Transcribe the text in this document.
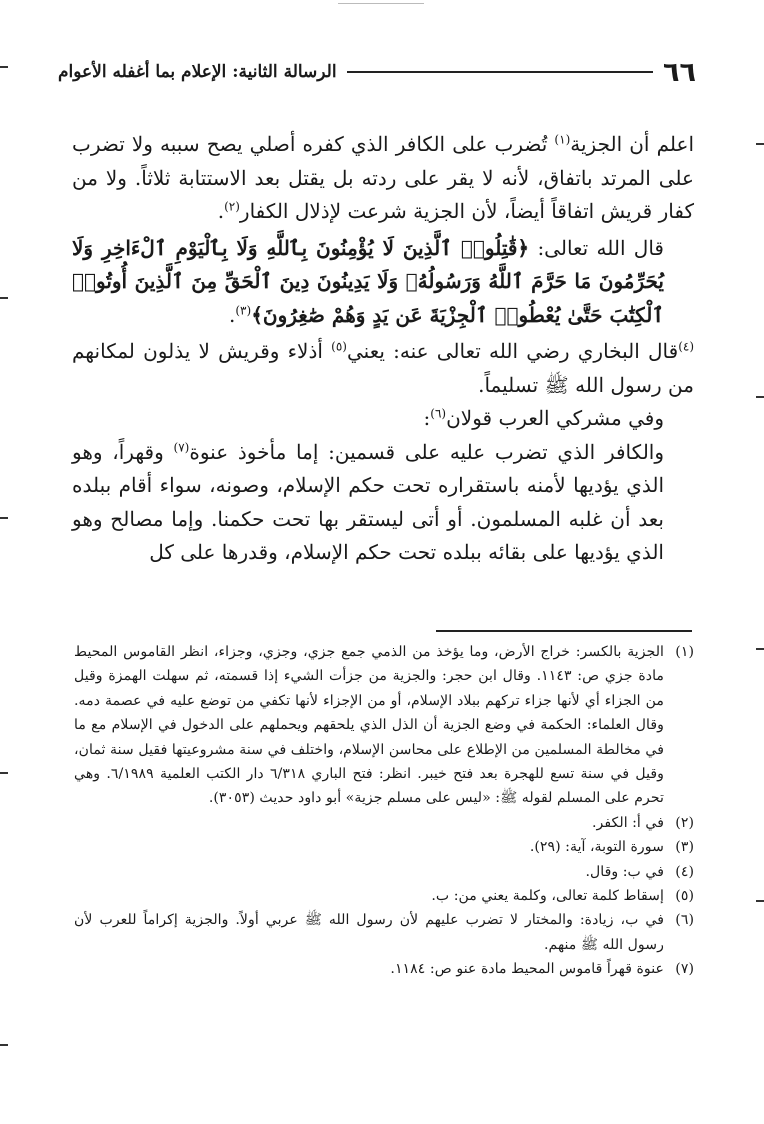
٦٦
الرسالة الثانية: الإعلام بما أغفله الأعوام

اعلم أن الجزية$^{(١)}$ تُضرب على الكافر الذي كفره أصلي يصح سببه ولا تضرب على المرتد باتفاق، لأنه لا يقر على ردته بل يقتل بعد الاستتابة ثلاثاً. ولا من كفار قريش اتفاقاً أيضاً، لأن الجزية شرعت لإذلال الكفار$^{(٢)}$.

قال الله تعالى: ﴿قَٰتِلُوا۟ ٱلَّذِينَ لَا يُؤْمِنُونَ بِٱللَّهِ وَلَا بِٱلْيَوْمِ ٱلْءَاخِرِ وَلَا يُحَرِّمُونَ مَا حَرَّمَ ٱللَّهُ وَرَسُولُهُۥ وَلَا يَدِينُونَ دِينَ ٱلْحَقِّ مِنَ ٱلَّذِينَ أُوتُوا۟ ٱلْكِتَٰبَ حَتَّىٰ يُعْطُوا۟ ٱلْجِزْيَةَ عَن يَدٍ وَهُمْ صَٰغِرُونَ﴾$^{(٣)}$.

$^{(٤)}$قال البخاري رضي الله تعالى عنه: يعني$^{(٥)}$ أذلاء وقريش لا يذلون لمكانهم من رسول الله ﷺ تسليماً.

وفي مشركي العرب قولان$^{(٦)}$:

والكافر الذي تضرب عليه على قسمين: إما مأخوذ عنوة$^{(٧)}$ وقهراً، وهو الذي يؤديها لأمنه باستقراره تحت حكم الإسلام، وصونه، سواء أقام ببلده بعد أن غلبه المسلمون. أو أتى ليستقر بها تحت حكمنا. وإما مصالح وهو الذي يؤديها على بقائه ببلده تحت حكم الإسلام، وقدرها على كل

(١)
الجزية بالكسر: خراج الأرض، وما يؤخذ من الذمي جمع جزي، وجزي، وجزاء، انظر القاموس المحيط مادة جزي ص: ١١٤٣. وقال ابن حجر: والجزية من جزأت الشيء إذا قسمته، ثم سهلت الهمزة وقيل من الجزاء أي لأنها جزاء تركهم ببلاد الإسلام، أو من الإجزاء لأنها تكفي من توضع عليه في عصمة دمه. وقال العلماء: الحكمة في وضع الجزية أن الذل الذي يلحقهم ويحملهم على الدخول في الإسلام مع ما في مخالطة المسلمين من الإطلاع على محاسن الإسلام، واختلف في سنة مشروعيتها فقيل سنة ثمان، وقيل في سنة تسع للهجرة بعد فتح خيبر. انظر: فتح الباري ٦/٣١٨ دار الكتب العلمية ٦/١٩٨٩. وهي تحرم على المسلم لقوله ﷺ: «ليس على مسلم جزية» أبو داود حديث (٣٠٥٣).
(٢)
في أ: الكفر.
(٣)
سورة التوبة، آية: (٢٩).
(٤)
في ب: وقال.
(٥)
إسقاط كلمة تعالى، وكلمة يعني من: ب.
(٦)
في ب، زيادة: والمختار لا تضرب عليهم لأن رسول الله ﷺ عربي أولاً. والجزية إكراماً للعرب لأن رسول الله ﷺ منهم.
(٧)
عنوة قهراً قاموس المحيط مادة عنو ص: ١١٨٤.
